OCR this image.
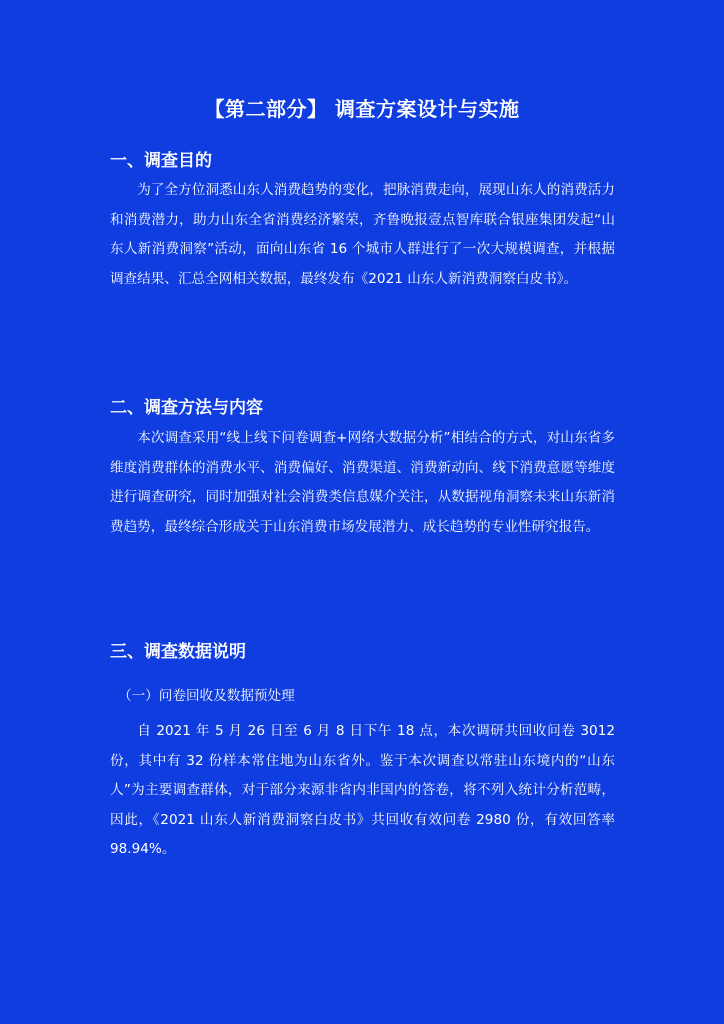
【第二部分】 调查方案设计与实施
一、调查目的

为了全方位洞悉山东人消费趋势的变化，把脉消费走向，展现山东人的消费活力和消费潜力，助力山东全省消费经济繁荣，齐鲁晚报壹点智库联合银座集团发起“山东人新消费洞察”活动，面向山东省 16 个城市人群进行了一次大规模调查，并根据调查结果、汇总全网相关数据，最终发布《2021 山东人新消费洞察白皮书》。

二、调查方法与内容

本次调查采用“线上线下问卷调查+网络大数据分析”相结合的方式，对山东省多维度消费群体的消费水平、消费偏好、消费渠道、消费新动向、线下消费意愿等维度进行调查研究，同时加强对社会消费类信息媒介关注，从数据视角洞察未来山东新消费趋势，最终综合形成关于山东消费市场发展潜力、成长趋势的专业性研究报告。

三、调查数据说明
（一）问卷回收及数据预处理

自 2021 年 5 月 26 日至 6 月 8 日下午 18 点，本次调研共回收问卷 3012 份，其中有 32 份样本常住地为山东省外。鉴于本次调查以常驻山东境内的“山东人”为主要调查群体，对于部分来源非省内非国内的答卷，将不列入统计分析范畴，因此，《2021 山东人新消费洞察白皮书》共回收有效问卷 2980 份，有效回答率 98.94%。
